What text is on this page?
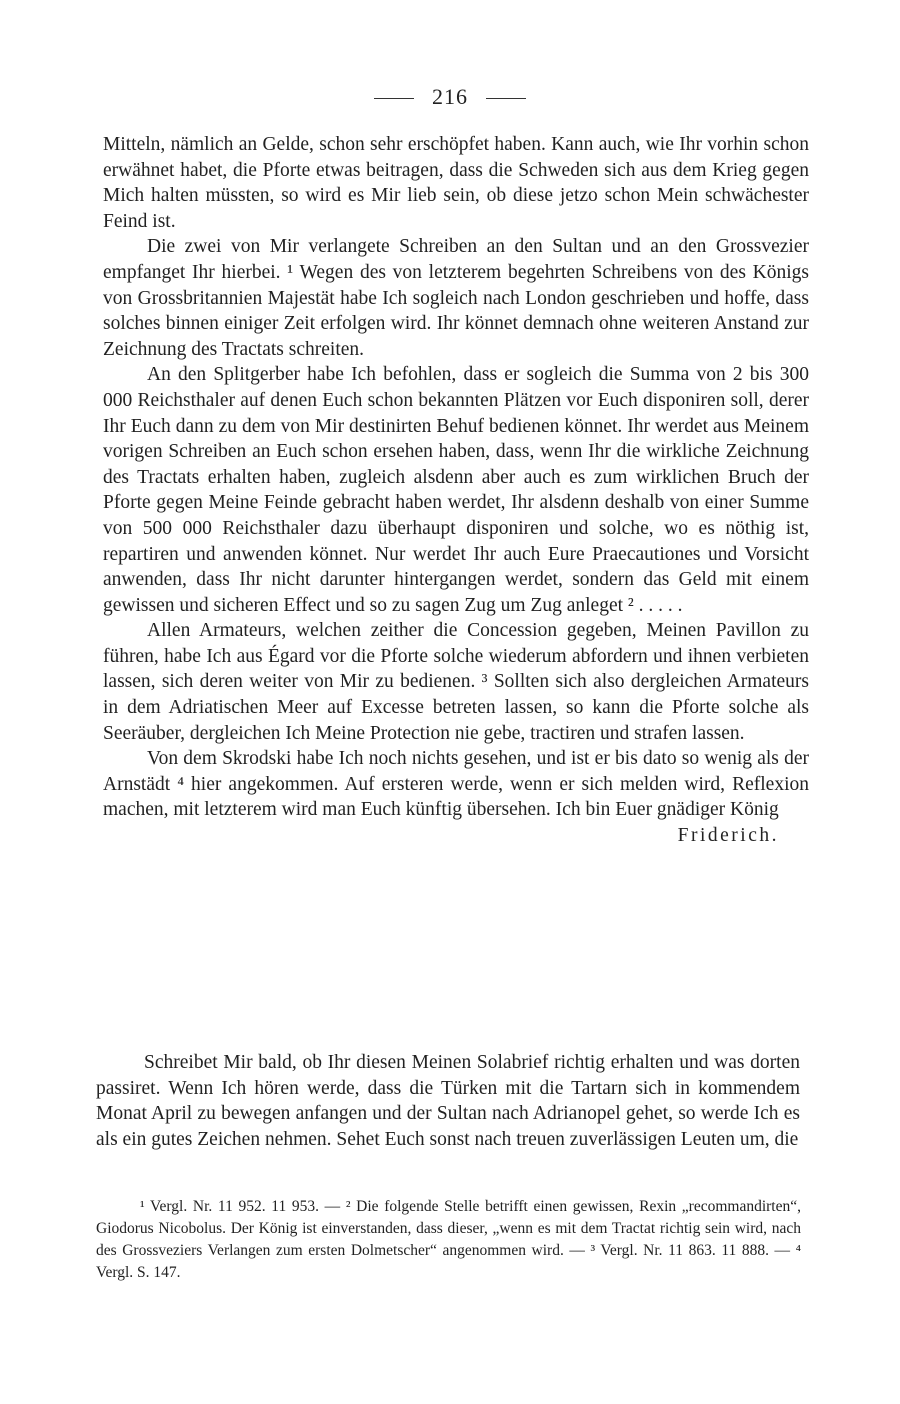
216

Mitteln, nämlich an Gelde, schon sehr erschöpfet haben. Kann auch, wie Ihr vorhin schon erwähnet habet, die Pforte etwas beitragen, dass die Schweden sich aus dem Krieg gegen Mich halten müssten, so wird es Mir lieb sein, ob diese jetzo schon Mein schwächester Feind ist.

Die zwei von Mir verlangete Schreiben an den Sultan und an den Grossvezier empfanget Ihr hierbei. ¹ Wegen des von letzterem begehrten Schreibens von des Königs von Grossbritannien Majestät habe Ich sogleich nach London geschrieben und hoffe, dass solches binnen einiger Zeit erfolgen wird. Ihr könnet demnach ohne weiteren Anstand zur Zeichnung des Tractats schreiten.

An den Splitgerber habe Ich befohlen, dass er sogleich die Summa von 2 bis 300 000 Reichsthaler auf denen Euch schon bekannten Plätzen vor Euch disponiren soll, derer Ihr Euch dann zu dem von Mir destinirten Behuf bedienen könnet. Ihr werdet aus Meinem vorigen Schreiben an Euch schon ersehen haben, dass, wenn Ihr die wirkliche Zeichnung des Tractats erhalten haben, zugleich alsdenn aber auch es zum wirklichen Bruch der Pforte gegen Meine Feinde gebracht haben werdet, Ihr alsdenn deshalb von einer Summe von 500 000 Reichsthaler dazu überhaupt disponiren und solche, wo es nöthig ist, repartiren und anwenden könnet. Nur werdet Ihr auch Eure Praecautiones und Vorsicht anwenden, dass Ihr nicht darunter hintergangen werdet, sondern das Geld mit einem gewissen und sicheren Effect und so zu sagen Zug um Zug anleget ² . . . . .

Allen Armateurs, welchen zeither die Concession gegeben, Meinen Pavillon zu führen, habe Ich aus Égard vor die Pforte solche wiederum abfordern und ihnen verbieten lassen, sich deren weiter von Mir zu bedienen. ³ Sollten sich also dergleichen Armateurs in dem Adriatischen Meer auf Excesse betreten lassen, so kann die Pforte solche als Seeräuber, dergleichen Ich Meine Protection nie gebe, tractiren und strafen lassen.

Von dem Skrodski habe Ich noch nichts gesehen, und ist er bis dato so wenig als der Arnstädt ⁴ hier angekommen. Auf ersteren werde, wenn er sich melden wird, Reflexion machen, mit letzterem wird man Euch künftig übersehen. Ich bin Euer gnädiger König

Friderich.

Schreibet Mir bald, ob Ihr diesen Meinen Solabrief richtig erhalten und was dorten passiret. Wenn Ich hören werde, dass die Türken mit die Tartarn sich in kommendem Monat April zu bewegen anfangen und der Sultan nach Adrianopel gehet, so werde Ich es als ein gutes Zeichen nehmen. Sehet Euch sonst nach treuen zuverlässigen Leuten um, die

¹ Vergl. Nr. 11 952. 11 953. — ² Die folgende Stelle betrifft einen gewissen, Rexin „recommandirten“, Giodorus Nicobolus. Der König ist einverstanden, dass dieser, „wenn es mit dem Tractat richtig sein wird, nach des Grossveziers Verlangen zum ersten Dolmetscher“ angenommen wird. — ³ Vergl. Nr. 11 863. 11 888. — ⁴ Vergl. S. 147.
